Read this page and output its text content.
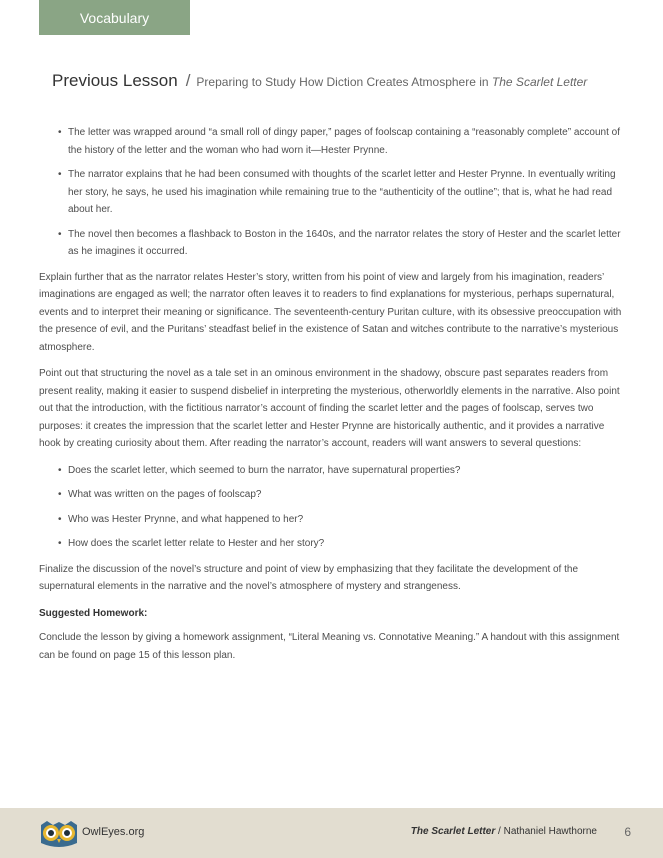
Vocabulary
Previous Lesson / Preparing to Study How Diction Creates Atmosphere in The Scarlet Letter
• The letter was wrapped around “a small roll of dingy paper,” pages of foolscap containing a “reasonably complete” account of the history of the letter and the woman who had worn it—Hester Prynne.
• The narrator explains that he had been consumed with thoughts of the scarlet letter and Hester Prynne. In eventually writing her story, he says, he used his imagination while remaining true to the “authenticity of the outline”; that is, what he had read about her.
• The novel then becomes a flashback to Boston in the 1640s, and the narrator relates the story of Hester and the scarlet letter as he imagines it occurred.

Explain further that as the narrator relates Hester’s story, written from his point of view and largely from his imagination, readers’ imaginations are engaged as well; the narrator often leaves it to readers to find explanations for mysterious, perhaps supernatural, events and to interpret their meaning or significance. The seventeenth-century Puritan culture, with its obsessive preoccupation with the presence of evil, and the Puritans’ steadfast belief in the existence of Satan and witches contribute to the narrative’s mysterious atmosphere.

Point out that structuring the novel as a tale set in an ominous environment in the shadowy, obscure past separates readers from present reality, making it easier to suspend disbelief in interpreting the mysterious, otherworldly elements in the narrative. Also point out that the introduction, with the fictitious narrator’s account of finding the scarlet letter and the pages of foolscap, serves two purposes: it creates the impression that the scarlet letter and Hester Prynne are historically authentic, and it provides a narrative hook by creating curiosity about them. After reading the narrator’s account, readers will want answers to several questions:

• Does the scarlet letter, which seemed to burn the narrator, have supernatural properties?
• What was written on the pages of foolscap?
• Who was Hester Prynne, and what happened to her?
• How does the scarlet letter relate to Hester and her story?

Finalize the discussion of the novel’s structure and point of view by emphasizing that they facilitate the development of the supernatural elements in the narrative and the novel’s atmosphere of mystery and strangeness.

Suggested Homework:

Conclude the lesson by giving a homework assignment, “Literal Meaning vs. Connotative Meaning.” A handout with this assignment can be found on page 15 of this lesson plan.

OwlEyes.org	The Scarlet Letter / Nathaniel Hawthorne 6
